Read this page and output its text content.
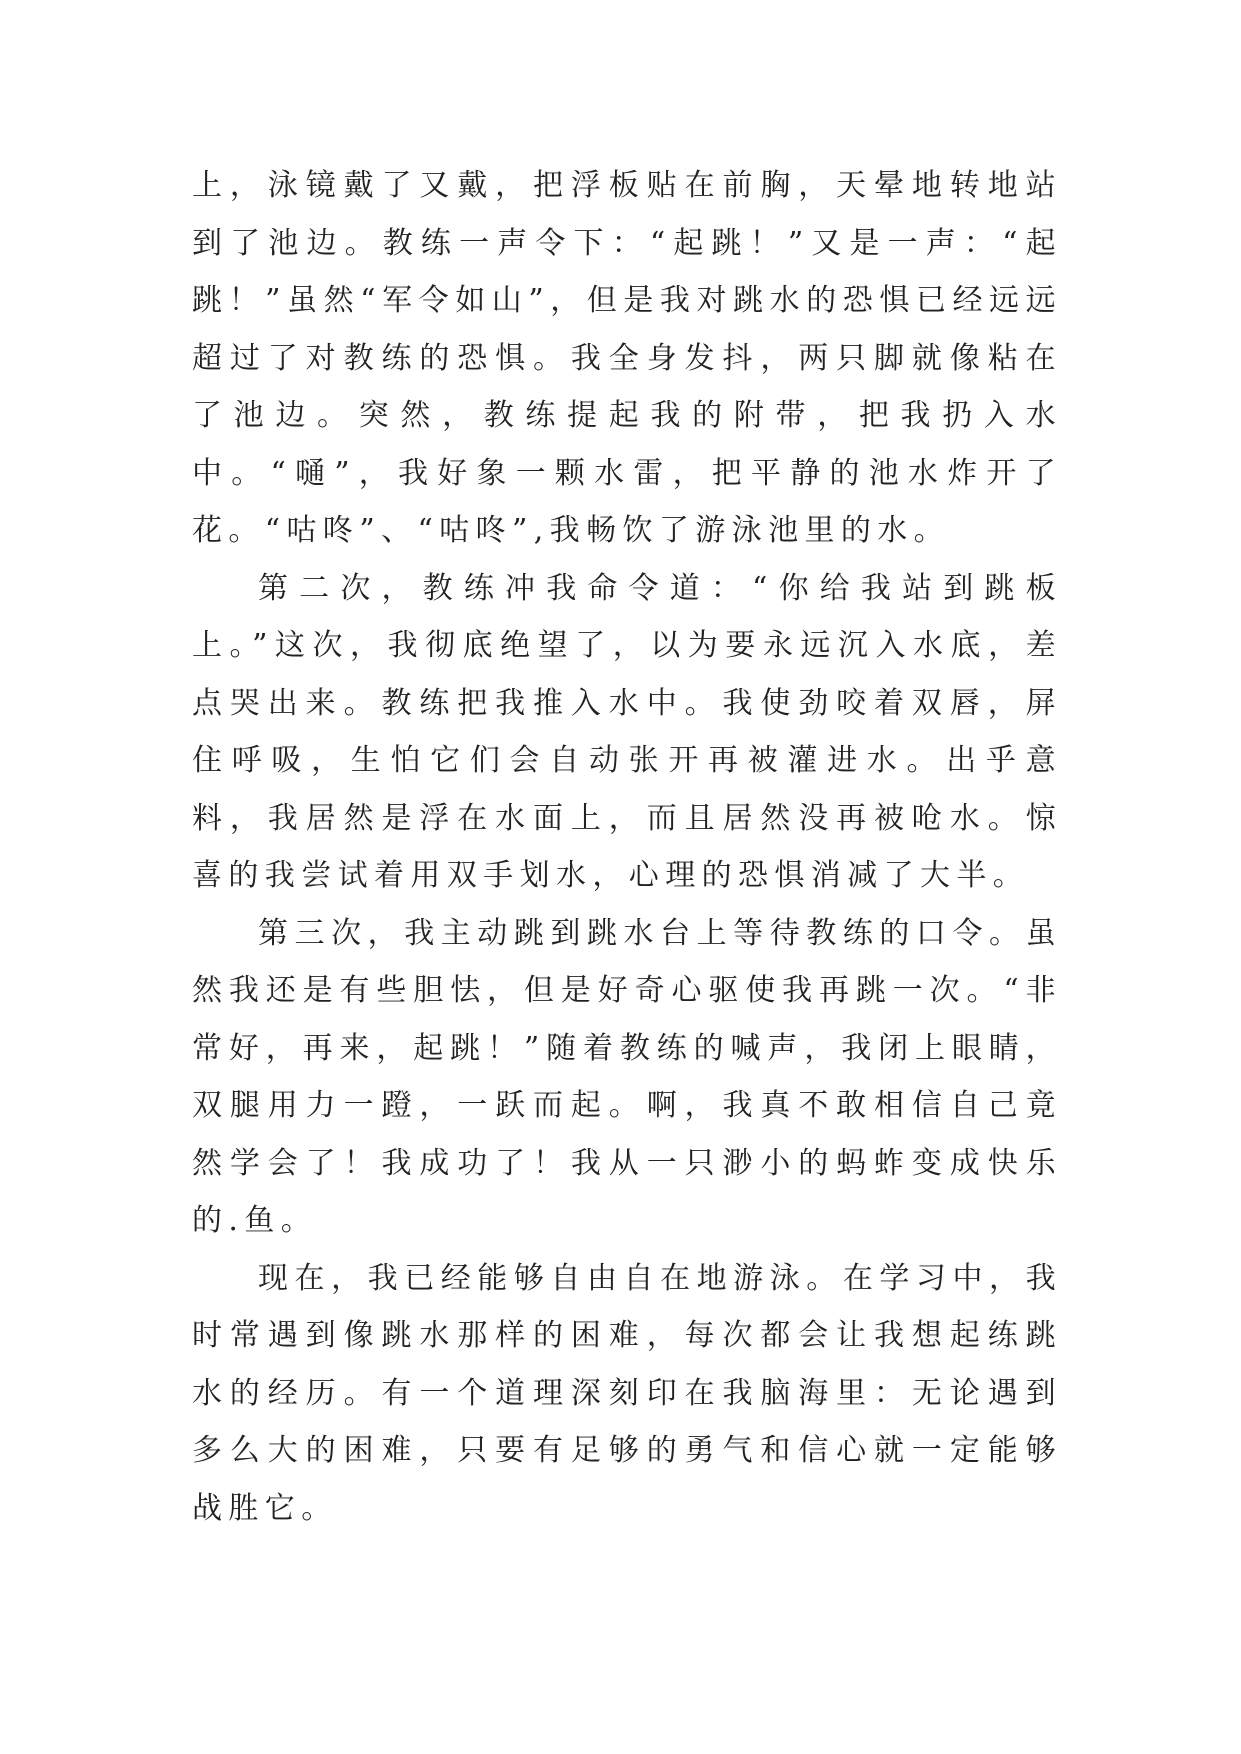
上，泳镜戴了又戴，把浮板贴在前胸，天晕地转地站到了池边。教练一声令下：“起跳！”又是一声：“起跳！”虽然“军令如山”，但是我对跳水的恐惧已经远远超过了对教练的恐惧。我全身发抖，两只脚就像粘在了池边。突然，教练提起我的附带，把我扔入水中。“嗵”，我好象一颗水雷，把平静的池水炸开了花。“咕咚”、“咕咚”,我畅饮了游泳池里的水。

第二次，教练冲我命令道：“你给我站到跳板上。”这次，我彻底绝望了，以为要永远沉入水底，差点哭出来。教练把我推入水中。我使劲咬着双唇，屏住呼吸，生怕它们会自动张开再被灌进水。出乎意料，我居然是浮在水面上，而且居然没再被呛水。惊喜的我尝试着用双手划水，心理的恐惧消减了大半。

第三次，我主动跳到跳水台上等待教练的口令。虽然我还是有些胆怯，但是好奇心驱使我再跳一次。“非常好，再来，起跳！”随着教练的喊声，我闭上眼睛，双腿用力一蹬，一跃而起。啊，我真不敢相信自己竟然学会了！我成功了！我从一只渺小的蚂蚱变成快乐的.鱼。

现在，我已经能够自由自在地游泳。在学习中，我时常遇到像跳水那样的困难，每次都会让我想起练跳水的经历。有一个道理深刻印在我脑海里：无论遇到多么大的困难，只要有足够的勇气和信心就一定能够战胜它。
